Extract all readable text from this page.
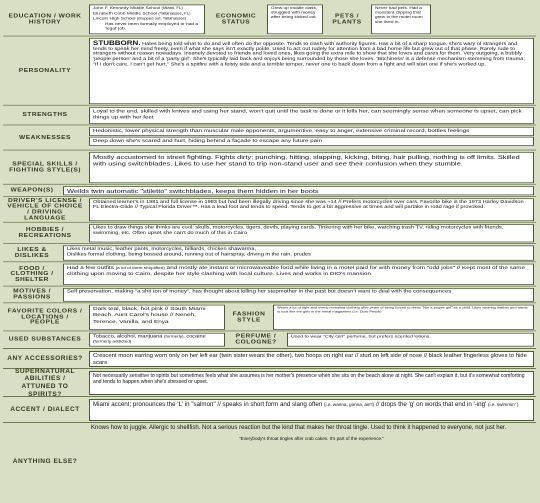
EDUCATION / WORK HISTORY
John F. Kennedy Middle School (Miami, FL)
Elizabeth Cobb Middle School (Tallahassee, FL)
Lincoln High School (dropped out, Tallahassee)
Has never been formally employed or had a 'legal' job.
ECONOMIC STATUS
Grew up middle class, struggled with money after being kicked out.	PETS / PLANTS
Never had pets. Had a monstera clipping that grew in the motel room she lived in.
PERSONALITY
STUBBORN. Hates being told what to do and will often do the opposite. Tends to clash with authority figures. Has a bit of a sharp tongue, she's wary of strangers and tends to speak her mind freely, even if what she says isn't exactly polite. Used to act out rudely for attention from a bad home life but grew out of that phase. Rarely rude to strangers without reason nowadays. Insanely devoted to friends and loved ones, likes going the extra mile to show that she loves and cares for them. Very outgoing, a bubbly 'people person' and a bit of a 'party girl'. She's typically laid back and enjoys being surrounded by those she loves. 'Bitchiness' is a defense mechanism stemming from trauma; "If I don't care, I can't get hurt." She's a spitfire with a feisty side and a terrible temper, never one to back down from a fight and will start one if she's worked up.
STRENGTHS
Loyal to the end, skilled with knives and using her stand, won't quit until the task is done or it kills her, can seemingly sense when someone is upset, can pick things up with her feet
WEAKNESSES
Hedonistic, lower physical strength than muscular male opponents, argumentive, easy to anger, extensive criminal record, bottles feelings
Deep down she's scared and hurt, hiding behind a façade to escape any future pain
SPECIAL SKILLS / FIGHTING STYLE(S)
Mostly accustomed to street fighting. Fights dirty; punching, hitting, slapping, kicking, biting, hair pulling, nothing is off limits. Skilled with using switchblades. Likes to use her stand to trip non-stand user and see their confusion when they stumble.
WEAPON(S)	Weilds twin automatic "stiletto" switchblades, keeps them hidden in her boots
DRIVER'S LICENSE / VEHICLE OF CHOICE / DRIVING LANGUAGE
Obtained learner's in 1981 and full license in 1983 but had been illegally driving since she was ~14 // Prefers motorcycles over cars. Favorite bike is the 1973 Harley Davidson FL Electra-Glide // Typical Florida Driver™. Has a lead foot and tends to speed. Tends to get a bit aggressive at times and will partake in road rage if provoked.
HOBBIES / RECREATIONS
Likes to draw things she thinks are cool; skulls, motorcycles, tigers, devils, playing cards. Tinkering with her bike, watching trash TV, riding motorcycles with friends, swimming, etc. Often upset she can't do much of this in Cairo
LIKES & DISLIKES
Likes metal music, leather pants, motorcycles, billiards, chicken shawarma,
Dislikes formal clothing, being bossed around, running out of hairspray, driving in the rain, prudes
FOOD / CLOTHING / SHELTER
Had a few outfits (a lot of them shoplifted) and mostly ate instant or microwaveable food while living in a motel paid for with money from "odd jobs" // Kept most of the same clothing upon moving to Cairo, despite her style clashing with local culture. Lives and works in DIO's mansion
MOTIVES / PASSIONS
Self preservation, making "a shit ton of money", has thought about killing her stepmother in the past but doesn't want to deal with the consequences
FAVORITE COLORS / LOCATIONS / PEOPLE
Dark teal, black, hot pink // South Miami Beach, Aunt Carol's house // Neneh, Terence, Vanilla, and Enya
FASHION STYLE
Wears a lot of tight and overly revealing clothing after years of being forced to dress "like a proper girl" as a child. Likes wearing leather and wants to look like the girls in the metal magazines (i.e. Doro Pesch)
USED SUBSTANCES
Tobacco, alcohol, marijuana (formerly), cocaine (formerly addicted)
PERFUME / COLOGNE?
Used to wear "City Girl" perfume, but prefers scented lotions.
ANY ACCESSORIES?	Crescent moon earring worn only on her left ear (twin sister wears the other), two hoops on right ear // stud on left side of nose // black leather fingerless gloves to hide scars
SUPERNATURAL ABILITIES / ATTUNED TO SPIRITS?
Not necessarily sensitive to spirits but sometimes feels what she assumes is her mother's presence when she sits on the beach alone at night. She can't explain it, but it's somewhat comforting and tends to happen when she's stressed or upset.
ACCENT / DIALECT
Miami accent; pronounces the 'L' in "salmon" // speaks in short form and slang often (i.e. wanna, gonna, ain't) // drops the 'g' on words that end in '-ing' (i.e. swimmin' )
ANYTHING ELSE?
Knows how to juggle. Allergic to shellfish. Not a serious reaction but the kind that makes her throat tingle. Used to think it happened to everyone, not just her.
"Everybody's throat tingles after crab cakes. It's part of the experience."
